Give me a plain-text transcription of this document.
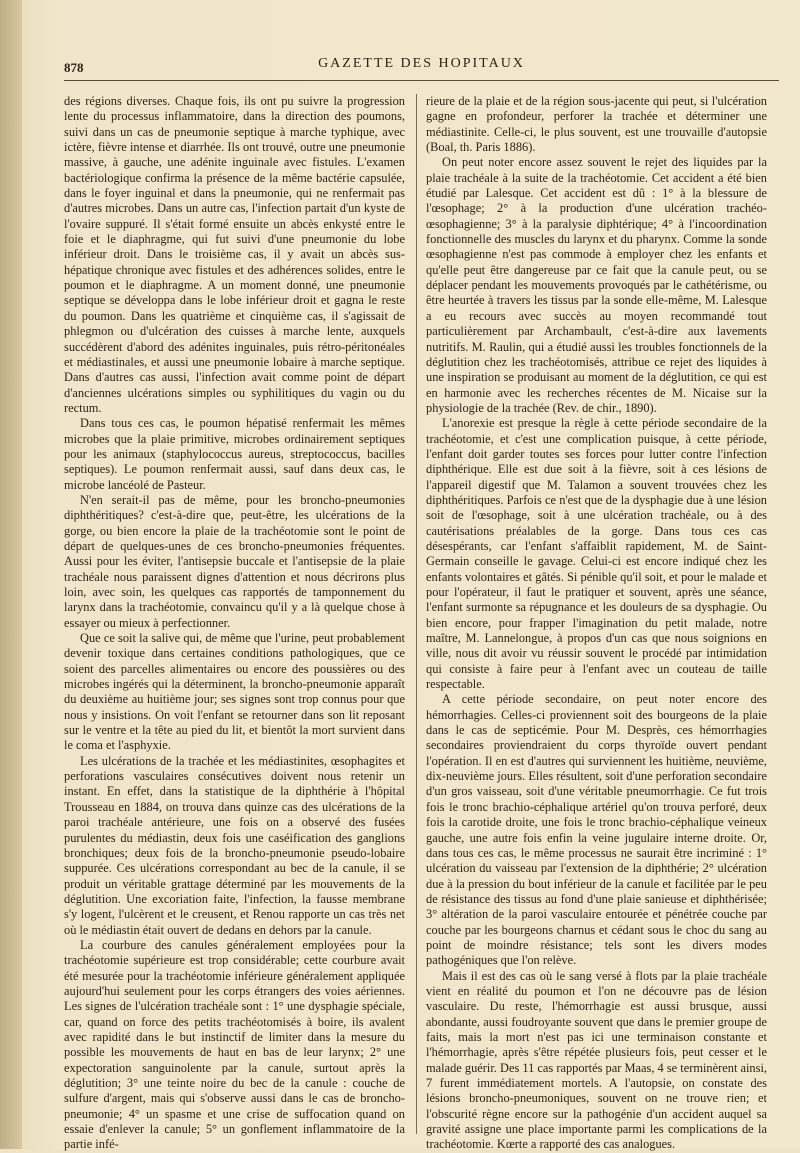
878	GAZETTE DES HOPITAUX

des régions diverses. Chaque fois, ils ont pu suivre la progression lente du processus inflammatoire, dans la direction des poumons, suivi dans un cas de pneumonie septique à marche typhique, avec ictère, fièvre intense et diarrhée. Ils ont trouvé, outre une pneumonie massive, à gauche, une adénite inguinale avec fistules. L'examen bactériologique confirma la présence de la même bactérie capsulée, dans le foyer inguinal et dans la pneumonie, qui ne renfermait pas d'autres microbes. Dans un autre cas, l'infection partait d'un kyste de l'ovaire suppuré. Il s'était formé ensuite un abcès enkysté entre le foie et le diaphragme, qui fut suivi d'une pneumonie du lobe inférieur droit. Dans le troisième cas, il y avait un abcès sus-hépatique chronique avec fistules et des adhérences solides, entre le poumon et le diaphragme. A un moment donné, une pneumonie septique se développa dans le lobe inférieur droit et gagna le reste du poumon. Dans les quatrième et cinquième cas, il s'agissait de phlegmon ou d'ulcération des cuisses à marche lente, auxquels succédèrent d'abord des adénites inguinales, puis rétro-péritonéales et médiastinales, et aussi une pneumonie lobaire à marche septique. Dans d'autres cas aussi, l'infection avait comme point de départ d'anciennes ulcérations simples ou syphilitiques du vagin ou du rectum.

Dans tous ces cas, le poumon hépatisé renfermait les mêmes microbes que la plaie primitive, microbes ordinairement septiques pour les animaux (staphylococcus aureus, streptococcus, bacilles septiques). Le poumon renfermait aussi, sauf dans deux cas, le microbe lancéolé de Pasteur.

N'en serait-il pas de même, pour les broncho-pneumonies diphthéritiques? c'est-à-dire que, peut-être, les ulcérations de la gorge, ou bien encore la plaie de la trachéotomie sont le point de départ de quelques-unes de ces broncho-pneumonies fréquentes. Aussi pour les éviter, l'antisepsie buccale et l'antisepsie de la plaie trachéale nous paraissent dignes d'attention et nous décrirons plus loin, avec soin, les quelques cas rapportés de tamponnement du larynx dans la trachéotomie, convaincu qu'il y a là quelque chose à essayer ou mieux à perfectionner.

Que ce soit la salive qui, de même que l'urine, peut probablement devenir toxique dans certaines conditions pathologiques, que ce soient des parcelles alimentaires ou encore des poussières ou des microbes ingérés qui la déterminent, la broncho-pneumonie apparaît du deuxième au huitième jour; ses signes sont trop connus pour que nous y insistions. On voit l'enfant se retourner dans son lit reposant sur le ventre et la tête au pied du lit, et bientôt la mort survient dans le coma et l'asphyxie.

Les ulcérations de la trachée et les médiastinites, œsophagites et perforations vasculaires consécutives doivent nous retenir un instant. En effet, dans la statistique de la diphthérie à l'hôpital Trousseau en 1884, on trouva dans quinze cas des ulcérations de la paroi trachéale antérieure, une fois on a observé des fusées purulentes du médiastin, deux fois une caséification des ganglions bronchiques; deux fois de la broncho-pneumonie pseudo-lobaire suppurée. Ces ulcérations correspondant au bec de la canule, il se produit un véritable grattage déterminé par les mouvements de la déglutition. Une excoriation faite, l'infection, la fausse membrane s'y logent, l'ulcèrent et le creusent, et Renou rapporte un cas très net où le médiastin était ouvert de dedans en dehors par la canule.

La courbure des canules généralement employées pour la trachéotomie supérieure est trop considérable; cette courbure avait été mesurée pour la trachéotomie inférieure généralement appliquée aujourd'hui seulement pour les corps étrangers des voies aériennes. Les signes de l'ulcération trachéale sont : 1° une dysphagie spéciale, car, quand on force des petits trachéotomisés à boire, ils avalent avec rapidité dans le but instinctif de limiter dans la mesure du possible les mouvements de haut en bas de leur larynx; 2° une expectoration sanguinolente par la canule, surtout après la déglutition; 3° une teinte noire du bec de la canule : couche de sulfure d'argent, mais qui s'observe aussi dans le cas de broncho-pneumonie; 4° un spasme et une crise de suffocation quand on essaie d'enlever la canule; 5° un gonflement inflammatoire de la partie infé-

rieure de la plaie et de la région sous-jacente qui peut, si l'ulcération gagne en profondeur, perforer la trachée et déterminer une médiastinite. Celle-ci, le plus souvent, est une trouvaille d'autopsie (Boal, th. Paris 1886).

On peut noter encore assez souvent le rejet des liquides par la plaie trachéale à la suite de la trachéotomie. Cet accident a été bien étudié par Lalesque. Cet accident est dû : 1° à la blessure de l'œsophage; 2° à la production d'une ulcération trachéo-œsophagienne; 3° à la paralysie diphtérique; 4° à l'incoordination fonctionnelle des muscles du larynx et du pharynx. Comme la sonde œsophagienne n'est pas commode à employer chez les enfants et qu'elle peut être dangereuse par ce fait que la canule peut, ou se déplacer pendant les mouvements provoqués par le cathétérisme, ou être heurtée à travers les tissus par la sonde elle-même, M. Lalesque a eu recours avec succès au moyen recommandé tout particulièrement par Archambault, c'est-à-dire aux lavements nutritifs. M. Raulin, qui a étudié aussi les troubles fonctionnels de la déglutition chez les trachéotomisés, attribue ce rejet des liquides à une inspiration se produisant au moment de la déglutition, ce qui est en harmonie avec les recherches récentes de M. Nicaise sur la physiologie de la trachée (Rev. de chir., 1890).

L'anorexie est presque la règle à cette période secondaire de la trachéotomie, et c'est une complication puisque, à cette période, l'enfant doit garder toutes ses forces pour lutter contre l'infection diphthérique. Elle est due soit à la fièvre, soit à ces lésions de l'appareil digestif que M. Talamon a souvent trouvées chez les diphthéritiques. Parfois ce n'est que de la dysphagie due à une lésion soit de l'œsophage, soit à une ulcération trachéale, ou à des cautérisations préalables de la gorge. Dans tous ces cas désespérants, car l'enfant s'affaiblit rapidement, M. de Saint-Germain conseille le gavage. Celui-ci est encore indiqué chez les enfants volontaires et gâtés. Si pénible qu'il soit, et pour le malade et pour l'opérateur, il faut le pratiquer et souvent, après une séance, l'enfant surmonte sa répugnance et les douleurs de sa dysphagie. Ou bien encore, pour frapper l'imagination du petit malade, notre maître, M. Lannelongue, à propos d'un cas que nous soignions en ville, nous dit avoir vu réussir souvent le procédé par intimidation qui consiste à faire peur à l'enfant avec un couteau de taille respectable.

A cette période secondaire, on peut noter encore des hémorrhagies. Celles-ci proviennent soit des bourgeons de la plaie dans le cas de septicémie. Pour M. Desprès, ces hémorrhagies secondaires proviendraient du corps thyroïde ouvert pendant l'opération. Il en est d'autres qui surviennent les huitième, neuvième, dix-neuvième jours. Elles résultent, soit d'une perforation secondaire d'un gros vaisseau, soit d'une véritable pneumorrhagie. Ce fut trois fois le tronc brachio-céphalique artériel qu'on trouva perforé, deux fois la carotide droite, une fois le tronc brachio-céphalique veineux gauche, une autre fois enfin la veine jugulaire interne droite. Or, dans tous ces cas, le même processus ne saurait être incriminé : 1° ulcération du vaisseau par l'extension de la diphthérie; 2° ulcération due à la pression du bout inférieur de la canule et facilitée par le peu de résistance des tissus au fond d'une plaie sanieuse et diphthérisée; 3° altération de la paroi vasculaire entourée et pénétrée couche par couche par les bourgeons charnus et cédant sous le choc du sang au point de moindre résistance; tels sont les divers modes pathogéniques que l'on relève.

Mais il est des cas où le sang versé à flots par la plaie trachéale vient en réalité du poumon et l'on ne découvre pas de lésion vasculaire. Du reste, l'hémorrhagie est aussi brusque, aussi abondante, aussi foudroyante souvent que dans le premier groupe de faits, mais la mort n'est pas ici une terminaison constante et l'hémorrhagie, après s'être répétée plusieurs fois, peut cesser et le malade guérir. Des 11 cas rapportés par Maas, 4 se terminèrent ainsi, 7 furent immédiatement mortels. A l'autopsie, on constate des lésions broncho-pneumoniques, souvent on ne trouve rien; et l'obscurité règne encore sur la pathogénie d'un accident auquel sa gravité assigne une place importante parmi les complications de la trachéotomie. Kœrte a rapporté des cas analogues.
